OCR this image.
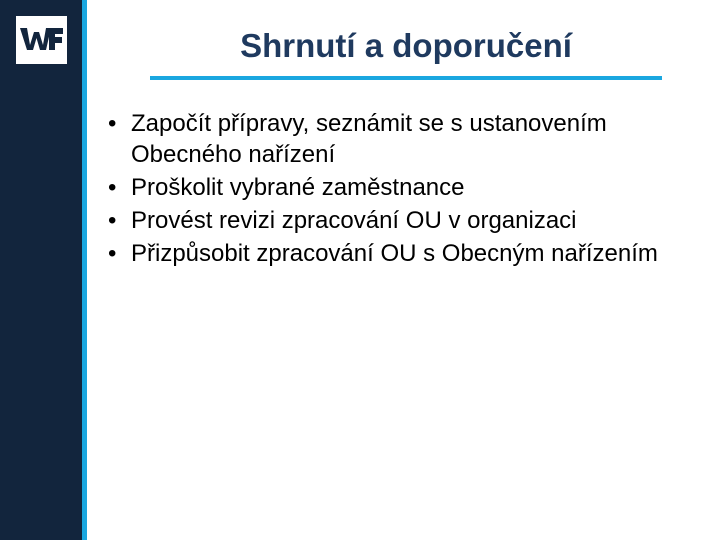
Shrnutí a doporučení
• Započít přípravy, seznámit se s ustanovením Obecného nařízení
• Proškolit vybrané zaměstnance
• Provést revizi zpracování OU v organizaci
• Přizpůsobit zpracování OU s Obecným nařízením
